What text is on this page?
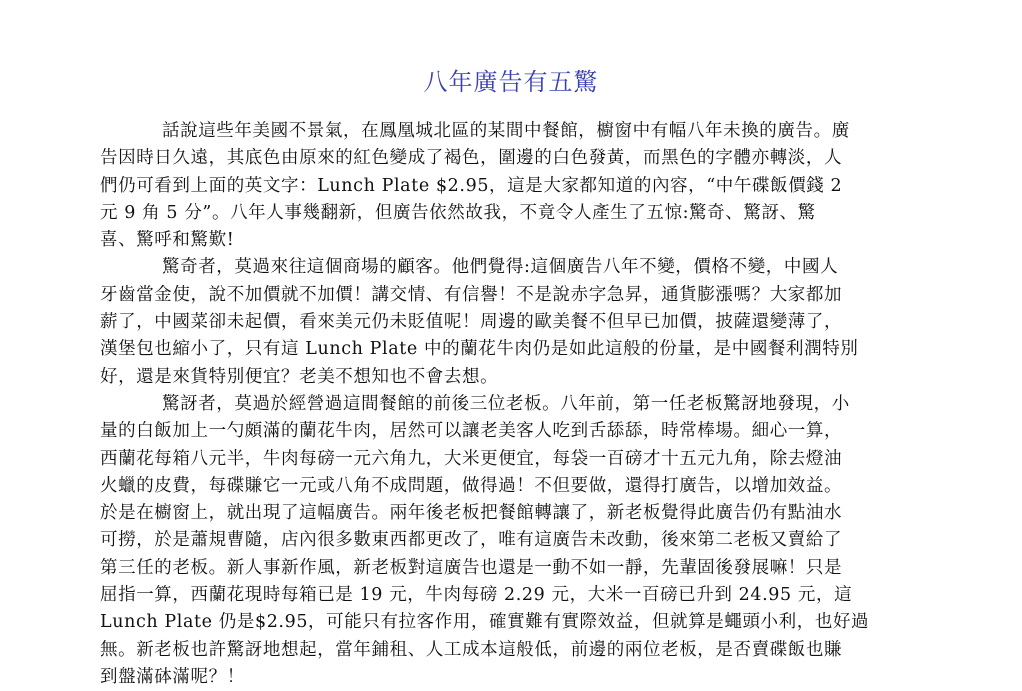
八年廣告有五驚
話說這些年美國不景氣，在鳳凰城北區的某間中餐館，櫥窗中有幅八年未換的廣告。廣
告因時日久遠，其底色由原來的紅色變成了褐色，圍邊的白色發黃，而黑色的字體亦轉淡，人
們仍可看到上面的英文字：Lunch Plate $2.95，這是大家都知道的內容，“中午碟飯價錢 2
元 9 角 5 分”。八年人事幾翻新，但廣告依然故我，不竟令人產生了五惊:驚奇、驚訝、驚
喜、驚呼和驚歎!
驚奇者，莫過來往這個商場的顧客。他們覺得:這個廣告八年不變，價格不變，中國人
牙齒當金使，說不加價就不加價！講交情、有信譽！不是說赤字急昇，通貨膨漲嗎？大家都加
薪了，中國菜卻未起價，看來美元仍未貶值呢！周邊的歐美餐不但早已加價，披薩還變薄了，
漢堡包也縮小了，只有這 Lunch Plate 中的蘭花牛肉仍是如此這般的份量，是中國餐利潤特別
好，還是來貨特別便宜？老美不想知也不會去想。
驚訝者，莫過於經營過這間餐館的前後三位老板。八年前，第一任老板驚訝地發現，小
量的白飯加上一勺頗滿的蘭花牛肉，居然可以讓老美客人吃到舌舔舔，時常棒場。細心一算，
西蘭花每箱八元半，牛肉每磅一元六角九，大米更便宜，每袋一百磅才十五元九角，除去燈油
火蠟的皮費，每碟賺它一元或八角不成問題，做得過！不但要做，還得打廣告，以增加效益。
於是在櫥窗上，就出現了這幅廣告。兩年後老板把餐館轉讓了，新老板覺得此廣告仍有點油水
可撈，於是蕭規曹隨，店內很多數東西都更改了，唯有這廣告未改動，後來第二老板又賣給了
第三任的老板。新人事新作風，新老板對這廣告也還是一動不如一靜，先輩固後發展嘛！只是
屈指一算，西蘭花現時每箱已是 19 元，牛肉每磅 2.29 元，大米一百磅已升到 24.95 元，這
Lunch Plate 仍是$2.95，可能只有拉客作用，確實難有實際效益，但就算是蠅頭小利，也好過
無。新老板也許驚訝地想起，當年鋪租、人工成本這般低，前邊的兩位老板，是否賣碟飯也賺
到盤滿砵滿呢？！
